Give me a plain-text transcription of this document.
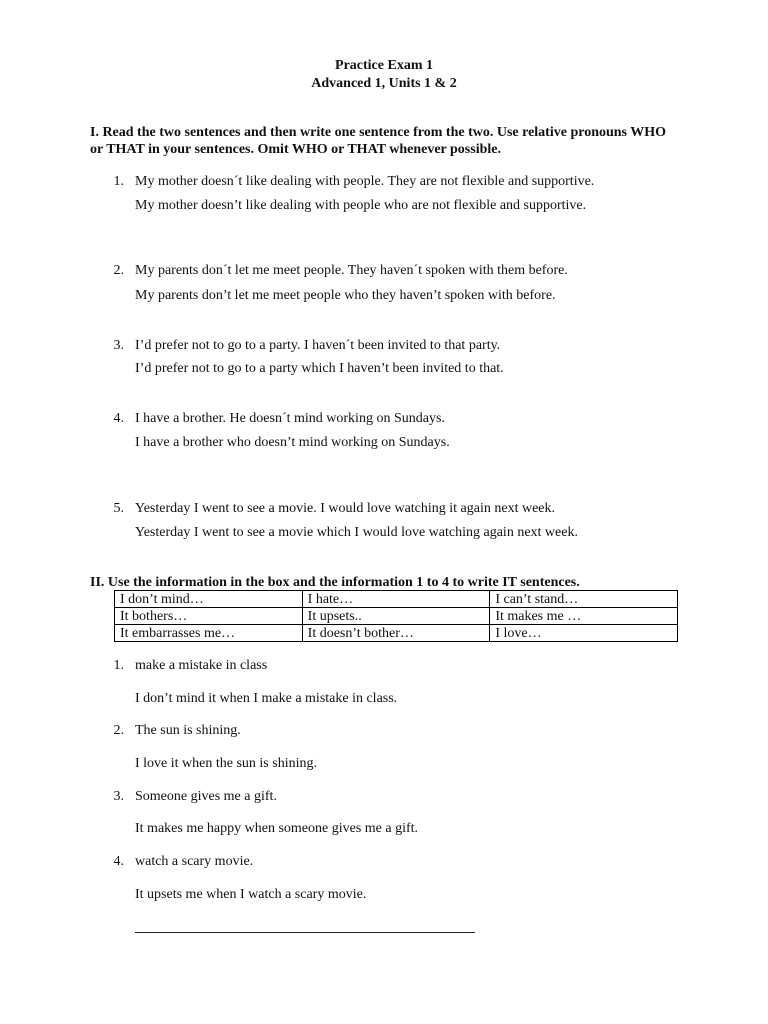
Practice Exam 1
Advanced 1, Units 1 & 2
I. Read the two sentences and then write one sentence from the two. Use relative pronouns WHO or THAT in your sentences. Omit WHO or THAT whenever possible.
1. My mother doesn´t like dealing with people. They are not flexible and supportive.
My mother doesn’t like dealing with people who are not flexible and supportive.
2. My parents don´t let me meet people. They haven´t spoken with them before.
My parents don’t let me meet people who they haven’t spoken with before.
3. I’d prefer not to go to a party. I haven´t been invited to that party.
I’d prefer not to go to a party which I haven’t been invited to that.
4. I have a brother. He doesn´t mind working on Sundays.
I have a brother who doesn’t mind working on Sundays.
5. Yesterday I went to see a movie. I would love watching it again next week.
Yesterday I went to see a movie which I would love watching again next week.
II. Use the information in the box and the information 1 to 4 to write IT sentences.
I don’t mind…	I hate…	I can’t stand…
It bothers…	It upsets..	It makes me …
It embarrasses me…	It doesn’t bother…	I love…
1. make a mistake in class
I don’t mind it when I make a mistake in class.
2. The sun is shining.
I love it when the sun is shining.
3. Someone gives me a gift.
It makes me happy when someone gives me a gift.
4. watch a scary movie.
It upsets me when I watch a scary movie.
